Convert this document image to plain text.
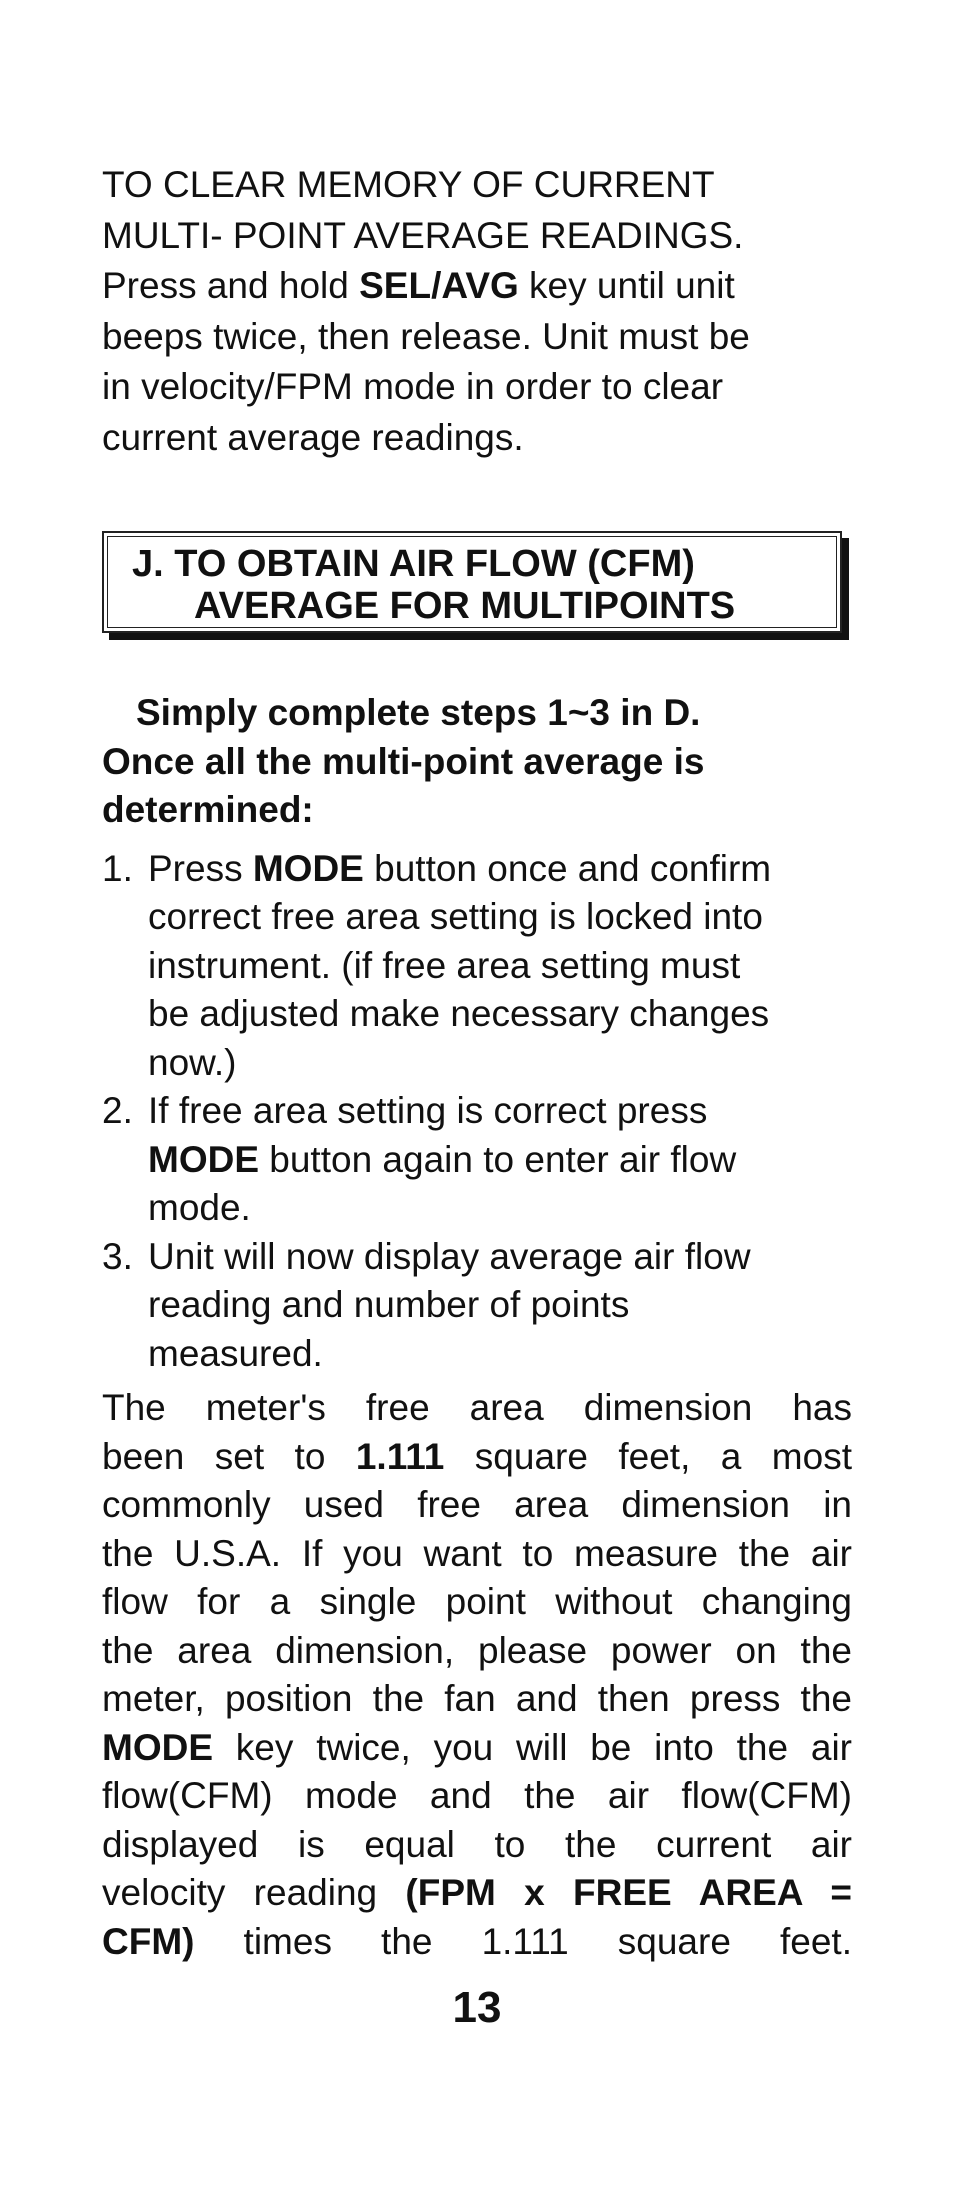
TO CLEAR MEMORY OF CURRENT
MULTI- POINT AVERAGE READINGS.
Press and hold SEL/AVG key until unit
beeps twice, then release. Unit must be
in velocity/FPM mode in order to clear
current average readings.

J. TO OBTAIN AIR FLOW (CFM)
AVERAGE FOR MULTIPOINTS

Simply complete steps 1~3 in D.
Once all the multi-point average is
determined:

1. Press MODE button once and confirm
correct free area setting is locked into
instrument. (if free area setting must
be adjusted make necessary changes
now.)
2. If free area setting is correct press
MODE button again to enter air flow
mode.
3. Unit will now display average air flow
reading and number of points
measured.
The meter's free area dimension has
been set to 1.111 square feet, a most
commonly used free area dimension in
the U.S.A. If you want to measure the air
flow for a single point without changing
the area dimension, please power on the
meter, position the fan and then press the
MODE key twice, you will be into the air
flow(CFM) mode and the air flow(CFM)
displayed is equal to the current air
velocity reading (FPM x FREE AREA =
CFM) times the 1.111 square feet.
13
